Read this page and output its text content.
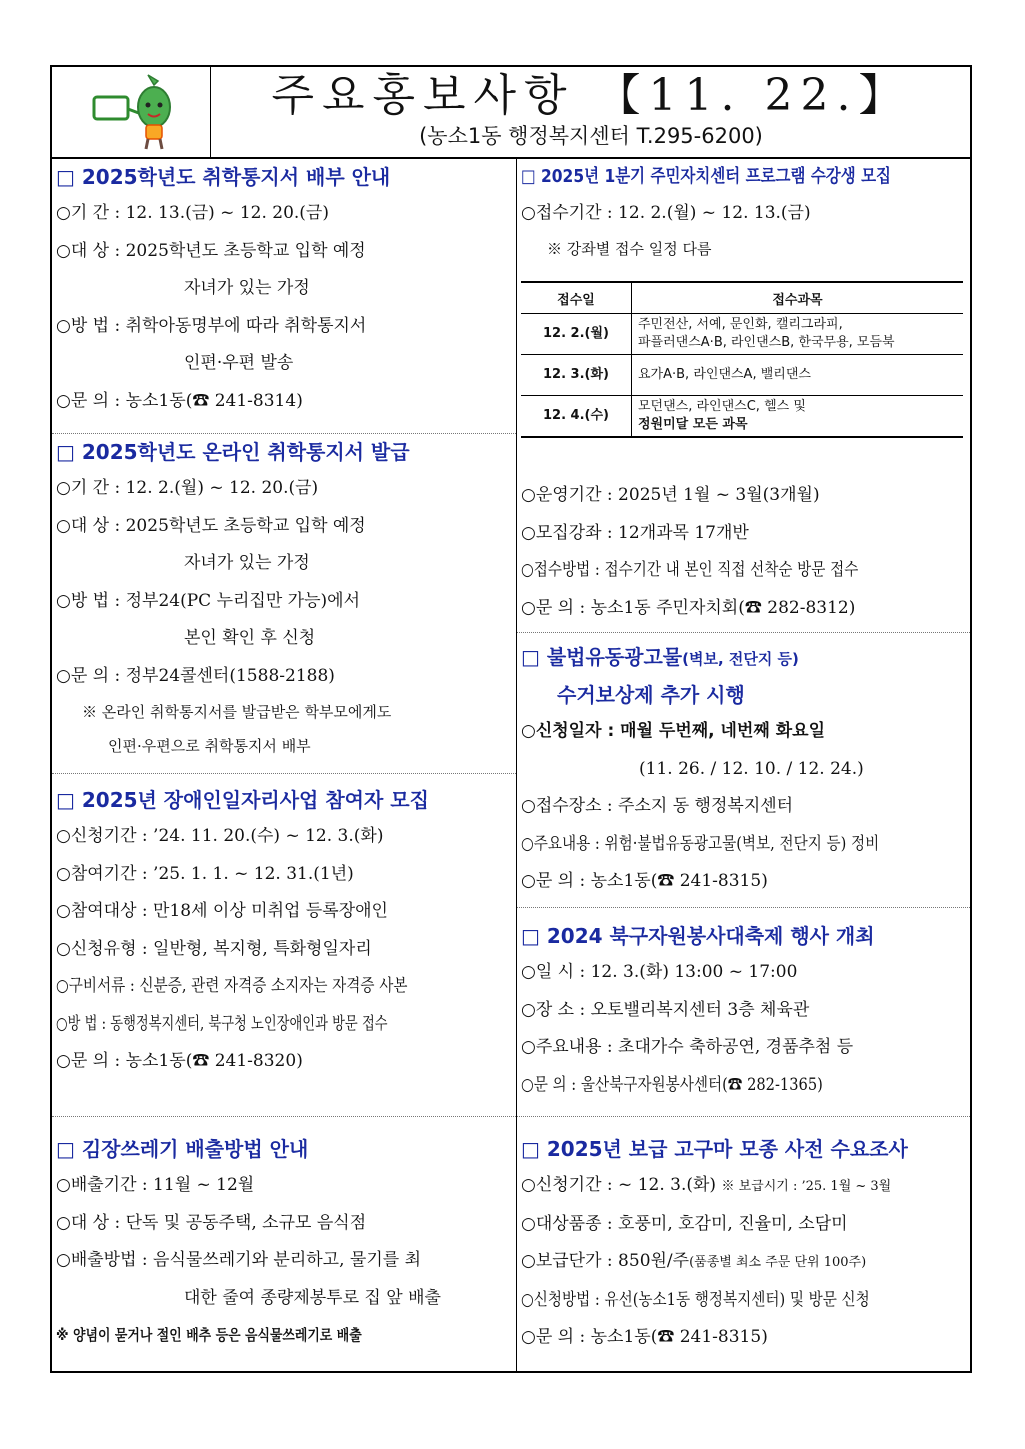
주요홍보사항 【11. 22.】
(농소1동 행정복지센터 T.295-6200)
□ 2025학년도 취학통지서 배부 안내
○기 간 : 12. 13.(금) ~ 12. 20.(금)
○대 상 : 2025학년도 초등학교 입학 예정
자녀가 있는 가정
○방 법 : 취학아동명부에 따라 취학통지서
인편·우편 발송
○문 의 : 농소1동(☎ 241-8314)
□ 2025학년도 온라인 취학통지서 발급
○기 간 : 12. 2.(월) ~ 12. 20.(금)
○대 상 : 2025학년도 초등학교 입학 예정
자녀가 있는 가정
○방 법 : 정부24(PC 누리집만 가능)에서
본인 확인 후 신청
○문 의 : 정부24콜센터(1588-2188)
※ 온라인 취학통지서를 발급받은 학부모에게도
인편·우편으로 취학통지서 배부
□ 2025년 장애인일자리사업 참여자 모집
○신청기간 : ’24. 11. 20.(수) ~ 12. 3.(화)
○참여기간 : ’25. 1. 1. ~ 12. 31.(1년)
○참여대상 : 만18세 이상 미취업 등록장애인
○신청유형 : 일반형, 복지형, 특화형일자리
○구비서류 : 신분증, 관련 자격증 소지자는 자격증 사본
○방 법 : 동행정복지센터, 북구청 노인장애인과 방문 접수
○문 의 : 농소1동(☎ 241-8320)
□ 김장쓰레기 배출방법 안내
○배출기간 : 11월 ~ 12월
○대 상 : 단독 및 공동주택, 소규모 음식점
○배출방법 : 음식물쓰레기와 분리하고, 물기를 최
대한 줄여 종량제봉투로 집 앞 배출
※ 양념이 묻거나 절인 배추 등은 음식물쓰레기로 배출
□ 2025년 1분기 주민자치센터 프로그램 수강생 모집
○접수기간 : 12. 2.(월) ~ 12. 13.(금)
※ 강좌별 접수 일정 다름
접수일	접수과목
12. 2.(월)	주민전산, 서예, 문인화, 캘리그라피,
파플러댄스A·B, 라인댄스B, 한국무용, 모듬북

12. 3.(화)	요가A·B, 라인댄스A, 밸리댄스
12. 4.(수)	모던댄스, 라인댄스C, 헬스 및
정원미달 모든 과목
○운영기간 : 2025년 1월 ~ 3월(3개월)
○모집강좌 : 12개과목 17개반
○접수방법 : 접수기간 내 본인 직접 선착순 방문 접수
○문 의 : 농소1동 주민자치회(☎ 282-8312)
□ 불법유동광고물(벽보, 전단지 등)
수거보상제 추가 시행
○신청일자 : 매월 두번째, 네번째 화요일
(11. 26. / 12. 10. / 12. 24.)
○접수장소 : 주소지 동 행정복지센터
○주요내용 : 위험·불법유동광고물(벽보, 전단지 등) 정비
○문 의 : 농소1동(☎ 241-8315)
□ 2024 북구자원봉사대축제 행사 개최
○일 시 : 12. 3.(화) 13:00 ~ 17:00
○장 소 : 오토밸리복지센터 3층 체육관
○주요내용 : 초대가수 축하공연, 경품추첨 등
○문 의 : 울산북구자원봉사센터(☎ 282-1365)
□ 2025년 보급 고구마 모종 사전 수요조사
○신청기간 : ~ 12. 3.(화) ※ 보급시기 : ’25. 1월 ~ 3월
○대상품종 : 호풍미, 호감미, 진율미, 소담미
○보급단가 : 850원/주(품종별 최소 주문 단위 100주)
○신청방법 : 유선(농소1동 행정복지센터) 및 방문 신청
○문 의 : 농소1동(☎ 241-8315)
